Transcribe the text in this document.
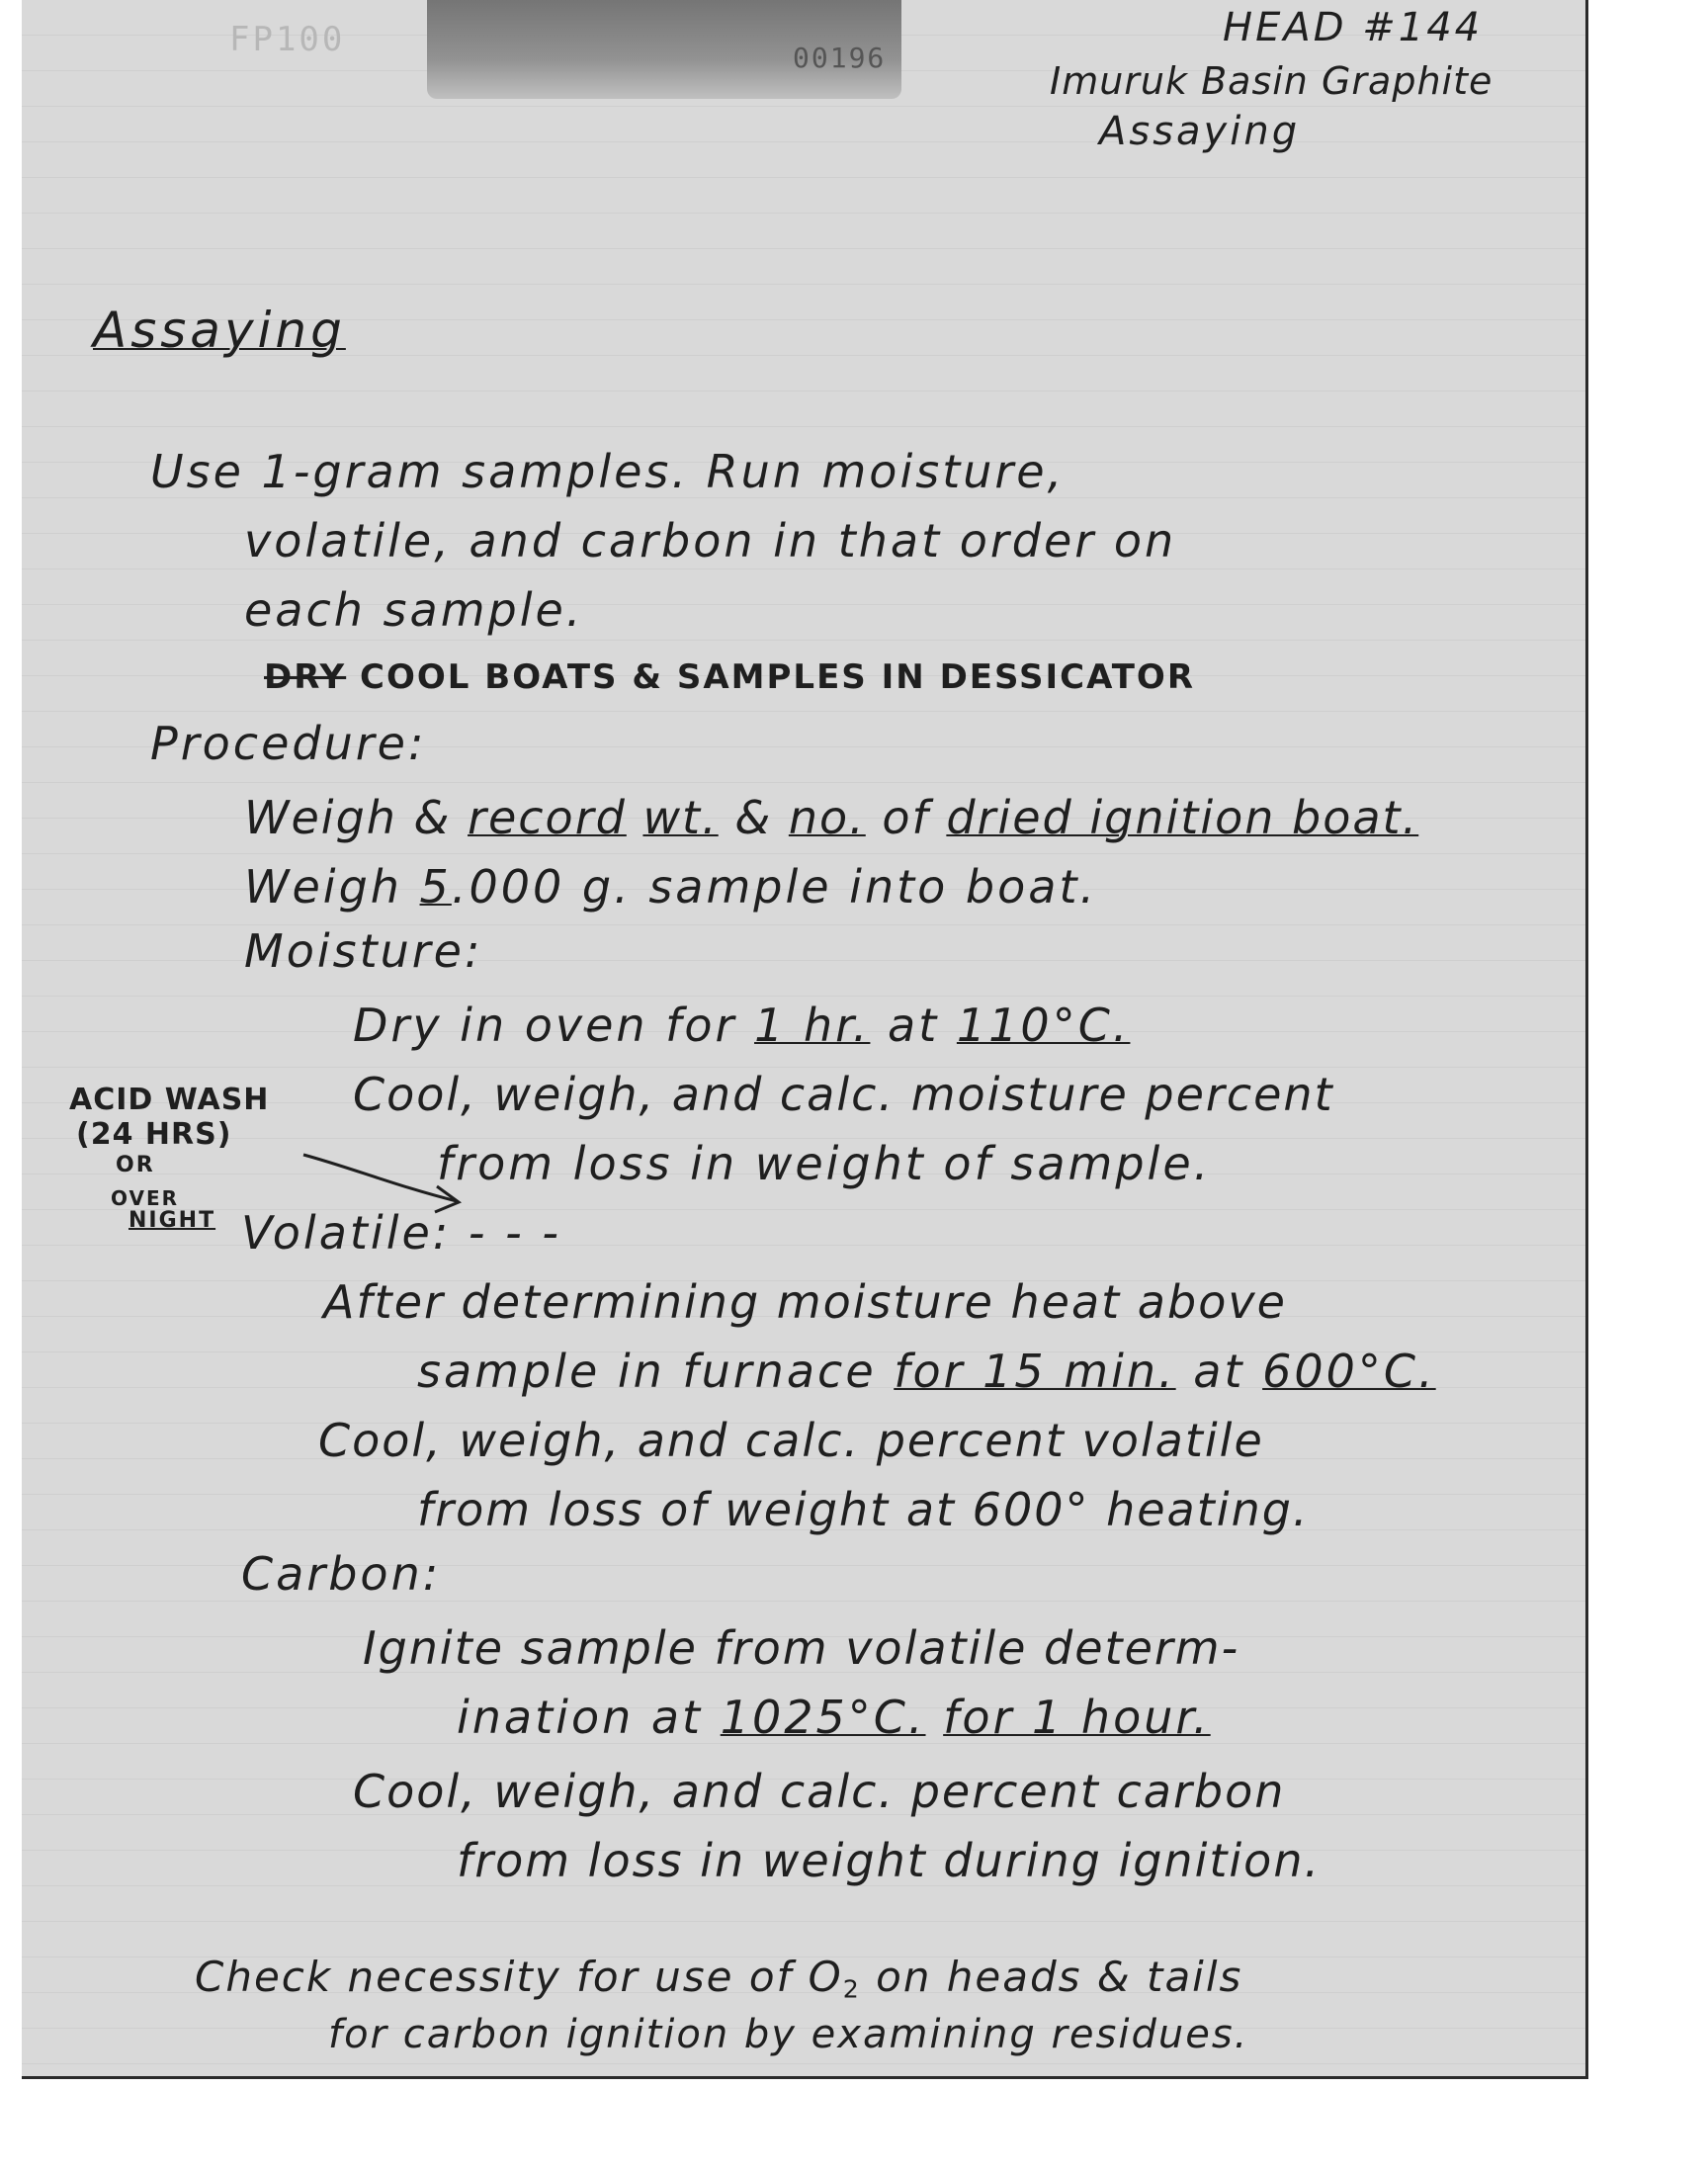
FP100	00196
HEAD #144
Imuruk Basin Graphite
Assaying
Assaying
Use 1-gram samples. Run moisture,
volatile, and carbon in that order on
each sample.
DRY COOL BOATS & SAMPLES IN DESSICATOR
Procedure:
Weigh & record wt. & no. of dried ignition boat.
Weigh 5.000 g. sample into boat.
Moisture:
Dry in oven for 1 hr. at 110°C.
Cool, weigh, and calc. moisture percent
from loss in weight of sample.
ACID WASH
(24 HRS)
OR
OVER
NIGHT Volatile: - - -
After determining moisture heat above
sample in furnace for 15 min. at 600°C.
Cool, weigh, and calc. percent volatile
from loss of weight at 600° heating.
Carbon:
Ignite sample from volatile determ-
ination at 1025°C. for 1 hour.
Cool, weigh, and calc. percent carbon
from loss in weight during ignition.
Check necessity for use of $O_2$ on heads & tails
for carbon ignition by examining residues.
